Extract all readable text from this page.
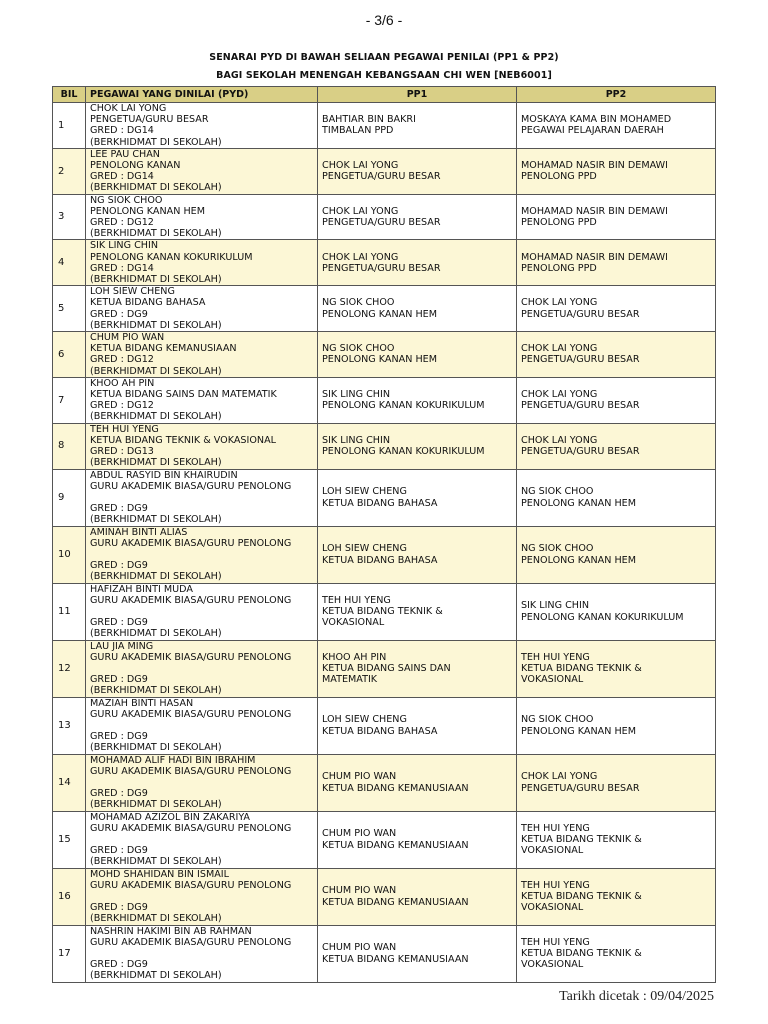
- 3/6 -
SENARAI PYD DI BAWAH SELIAAN PEGAWAI PENILAI (PP1 & PP2)
BAGI SEKOLAH MENENGAH KEBANGSAAN CHI WEN [NEB6001]
BIL	PEGAWAI YANG DINILAI (PYD)	PP1	PP2
1	CHOK LAI YONG
PENGETUA/GURU BESAR
GRED : DG14
(BERKHIDMAT DI SEKOLAH)	BAHTIAR BIN BAKRI
TIMBALAN PPD	MOSKAYA KAMA BIN MOHAMED
PEGAWAI PELAJARAN DAERAH

2	LEE PAU CHAN
PENOLONG KANAN
GRED : DG14
(BERKHIDMAT DI SEKOLAH)	CHOK LAI YONG
PENGETUA/GURU BESAR	MOHAMAD NASIR BIN DEMAWI
PENOLONG PPD

3	NG SIOK CHOO
PENOLONG KANAN HEM
GRED : DG12
(BERKHIDMAT DI SEKOLAH)	CHOK LAI YONG
PENGETUA/GURU BESAR	MOHAMAD NASIR BIN DEMAWI
PENOLONG PPD

4	SIK LING CHIN
PENOLONG KANAN KOKURIKULUM
GRED : DG14
(BERKHIDMAT DI SEKOLAH)	CHOK LAI YONG
PENGETUA/GURU BESAR	MOHAMAD NASIR BIN DEMAWI
PENOLONG PPD

5	LOH SIEW CHENG
KETUA BIDANG BAHASA
GRED : DG9
(BERKHIDMAT DI SEKOLAH)	NG SIOK CHOO
PENOLONG KANAN HEM	CHOK LAI YONG
PENGETUA/GURU BESAR

6	CHUM PIO WAN
KETUA BIDANG KEMANUSIAAN
GRED : DG12
(BERKHIDMAT DI SEKOLAH)	NG SIOK CHOO
PENOLONG KANAN HEM	CHOK LAI YONG
PENGETUA/GURU BESAR

7	KHOO AH PIN
KETUA BIDANG SAINS DAN MATEMATIK
GRED : DG12
(BERKHIDMAT DI SEKOLAH)	SIK LING CHIN
PENOLONG KANAN KOKURIKULUM	CHOK LAI YONG
PENGETUA/GURU BESAR

8	TEH HUI YENG
KETUA BIDANG TEKNIK & VOKASIONAL
GRED : DG13
(BERKHIDMAT DI SEKOLAH)	SIK LING CHIN
PENOLONG KANAN KOKURIKULUM	CHOK LAI YONG
PENGETUA/GURU BESAR

9	ABDUL RASYID BIN KHAIRUDIN
GURU AKADEMIK BIASA/GURU PENOLONG

GRED : DG9
(BERKHIDMAT DI SEKOLAH)	LOH SIEW CHENG
KETUA BIDANG BAHASA	NG SIOK CHOO
PENOLONG KANAN HEM

10	AMINAH BINTI ALIAS
GURU AKADEMIK BIASA/GURU PENOLONG

GRED : DG9
(BERKHIDMAT DI SEKOLAH)	LOH SIEW CHENG
KETUA BIDANG BAHASA	NG SIOK CHOO
PENOLONG KANAN HEM

11	HAFIZAH BINTI MUDA
GURU AKADEMIK BIASA/GURU PENOLONG

GRED : DG9
(BERKHIDMAT DI SEKOLAH)	TEH HUI YENG
KETUA BIDANG TEKNIK &
VOKASIONAL	SIK LING CHIN
PENOLONG KANAN KOKURIKULUM

12	LAU JIA MING
GURU AKADEMIK BIASA/GURU PENOLONG

GRED : DG9
(BERKHIDMAT DI SEKOLAH)	KHOO AH PIN
KETUA BIDANG SAINS DAN
MATEMATIK	TEH HUI YENG
KETUA BIDANG TEKNIK &
VOKASIONAL

13	MAZIAH BINTI HASAN
GURU AKADEMIK BIASA/GURU PENOLONG

GRED : DG9
(BERKHIDMAT DI SEKOLAH)	LOH SIEW CHENG
KETUA BIDANG BAHASA	NG SIOK CHOO
PENOLONG KANAN HEM

14	MOHAMAD ALIF HADI BIN IBRAHIM
GURU AKADEMIK BIASA/GURU PENOLONG

GRED : DG9
(BERKHIDMAT DI SEKOLAH)	CHUM PIO WAN
KETUA BIDANG KEMANUSIAAN	CHOK LAI YONG
PENGETUA/GURU BESAR

15	MOHAMAD AZIZOL BIN ZAKARIYA
GURU AKADEMIK BIASA/GURU PENOLONG

GRED : DG9
(BERKHIDMAT DI SEKOLAH)	CHUM PIO WAN
KETUA BIDANG KEMANUSIAAN	TEH HUI YENG
KETUA BIDANG TEKNIK &
VOKASIONAL

16	MOHD SHAHIDAN BIN ISMAIL
GURU AKADEMIK BIASA/GURU PENOLONG

GRED : DG9
(BERKHIDMAT DI SEKOLAH)	CHUM PIO WAN
KETUA BIDANG KEMANUSIAAN	TEH HUI YENG
KETUA BIDANG TEKNIK &
VOKASIONAL

17	NASHRIN HAKIMI BIN AB RAHMAN
GURU AKADEMIK BIASA/GURU PENOLONG

GRED : DG9
(BERKHIDMAT DI SEKOLAH)	CHUM PIO WAN
KETUA BIDANG KEMANUSIAAN	TEH HUI YENG
KETUA BIDANG TEKNIK &
VOKASIONAL
Tarikh dicetak : 09/04/2025
